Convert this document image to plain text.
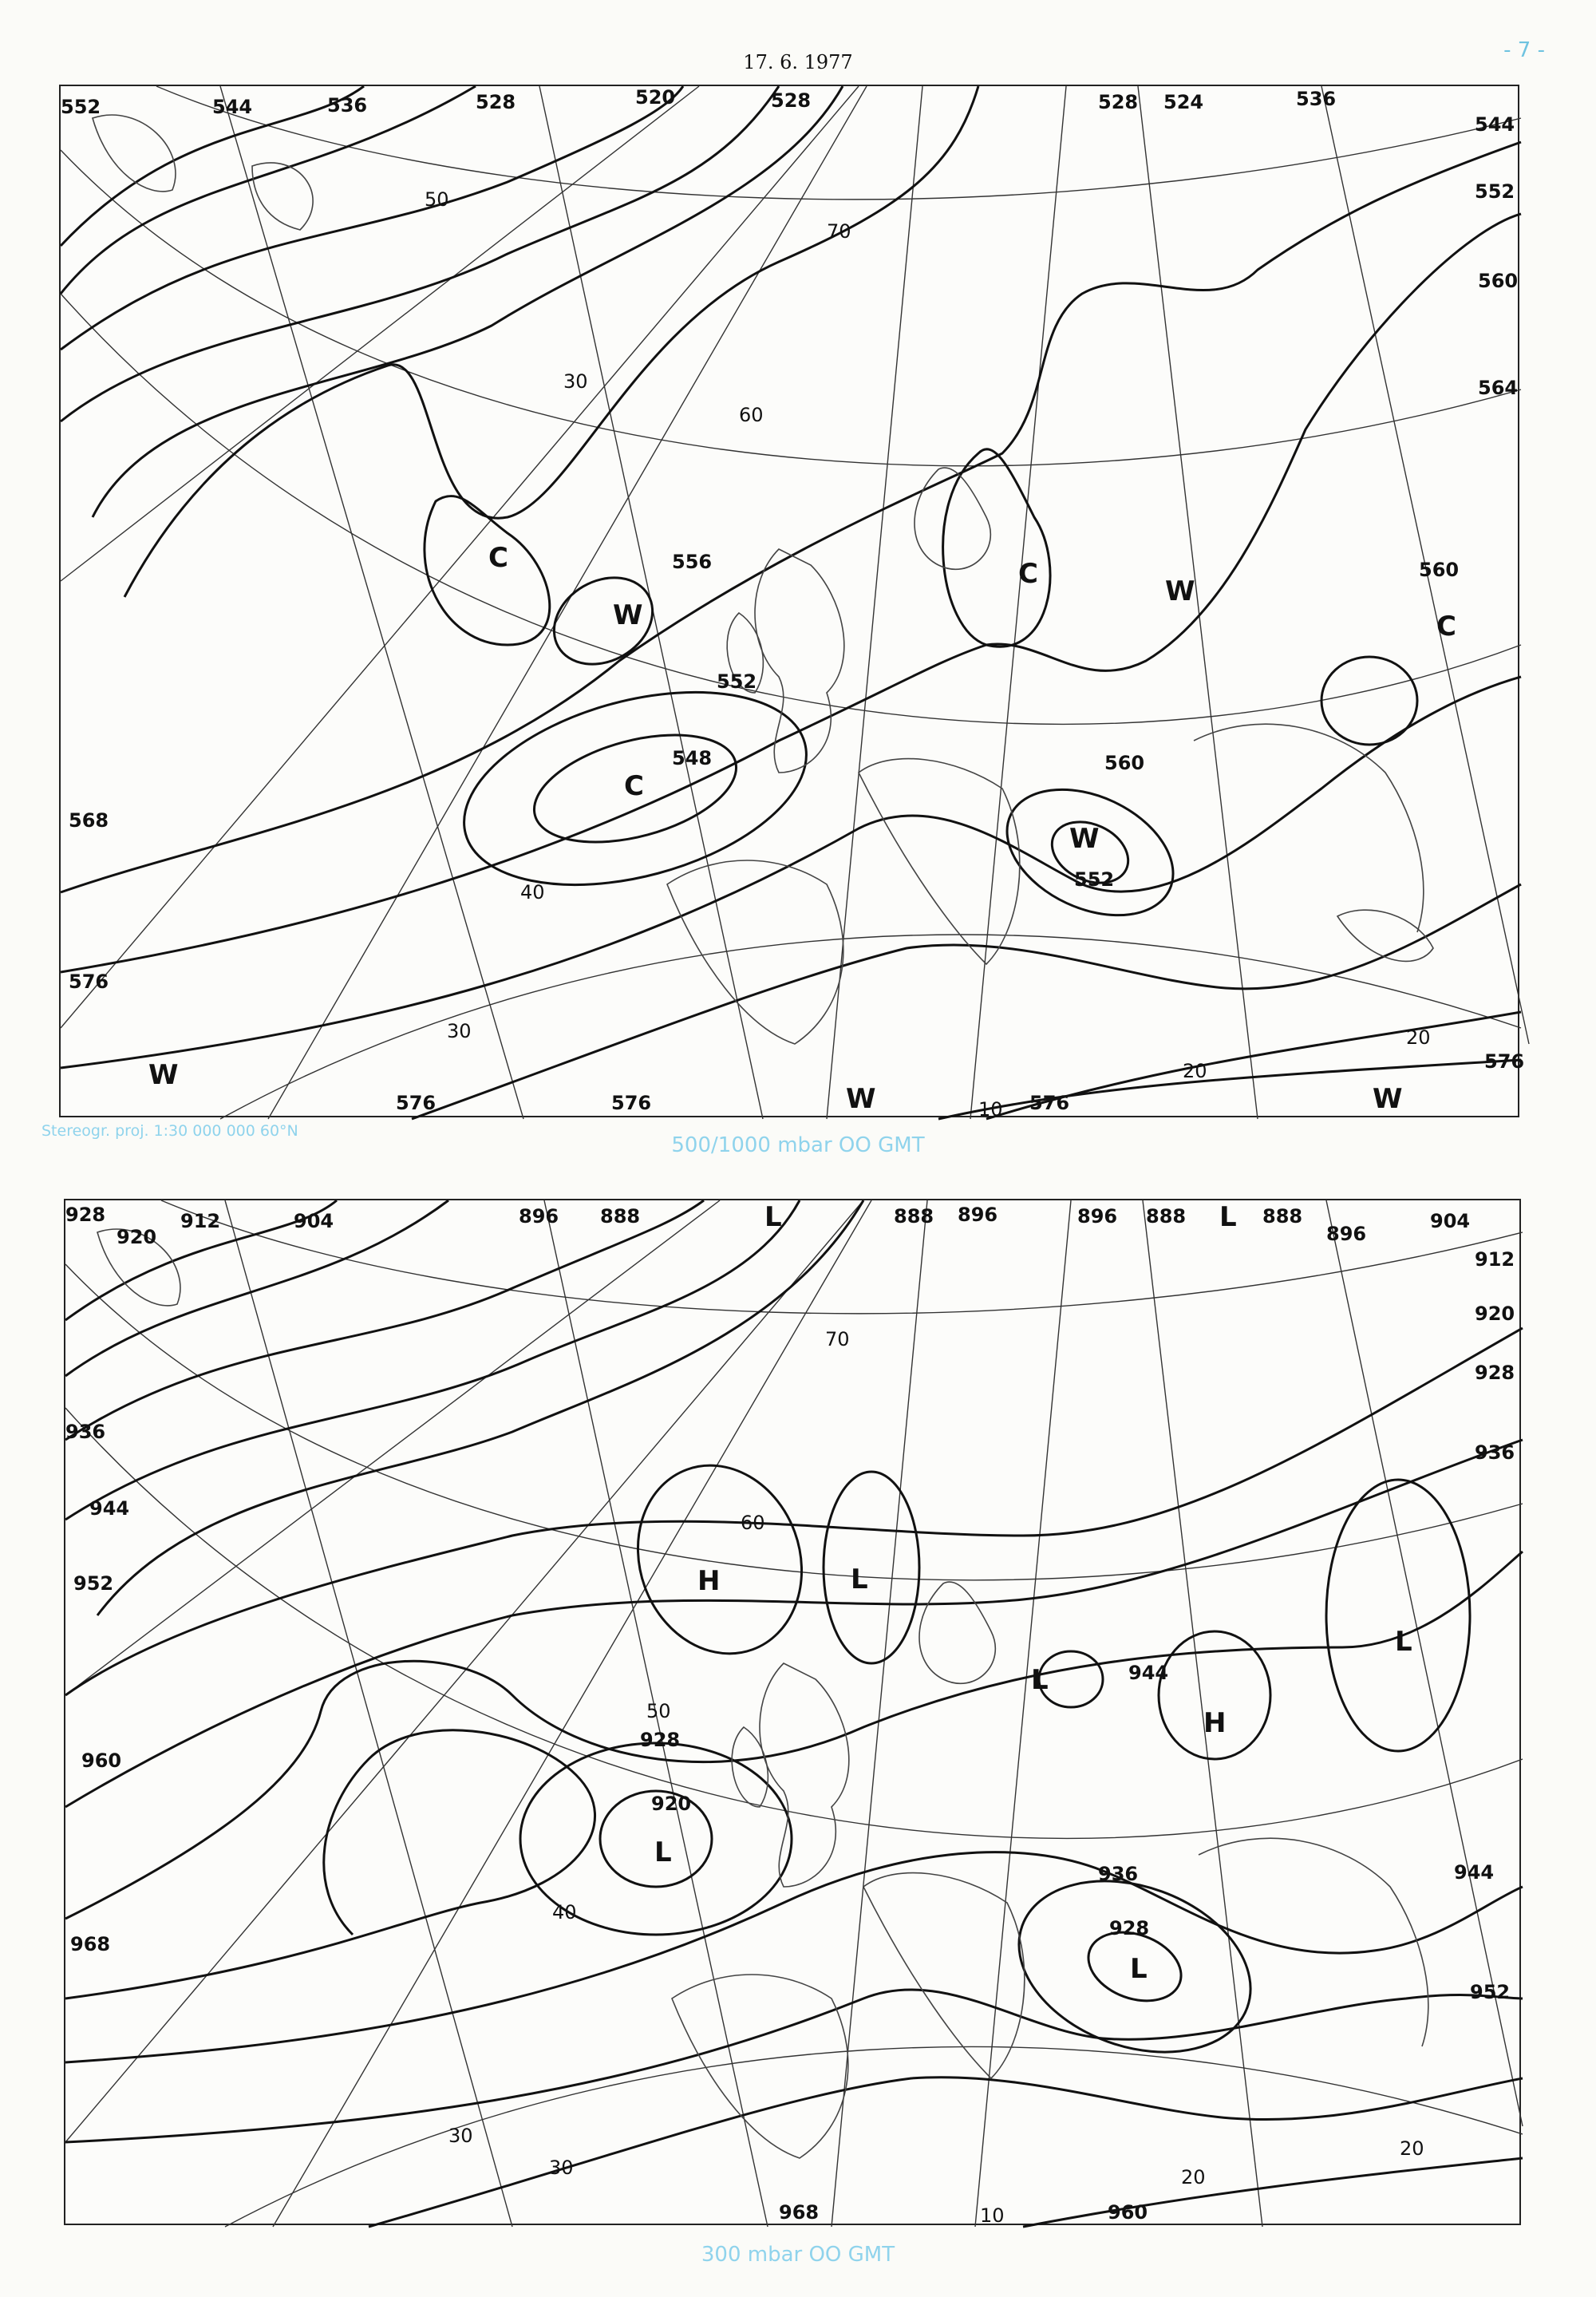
17. 6. 1977	- 7 -
552	544	536	528	520	528	528 524	536
544
552
560
564
568
576
560
556
552
548	560
552
576	576	576
576
C
W
C
C
W
C
W
W	W
W
50
30
70
60
40
20
10
30	20
Stereogr. proj. 1:30 000 000 60°N
500/1000 mbar OO GMT
928
920
912	904	896 888	888 896	896 888	888
896
904
912
920
928
936
944
952
960
968
968	960
952
944
936
928
920
944
936
928
L	L
H	L
L
H
L
L
L
70
60
50
40
30
20
10
30
20
300 mbar OO GMT
